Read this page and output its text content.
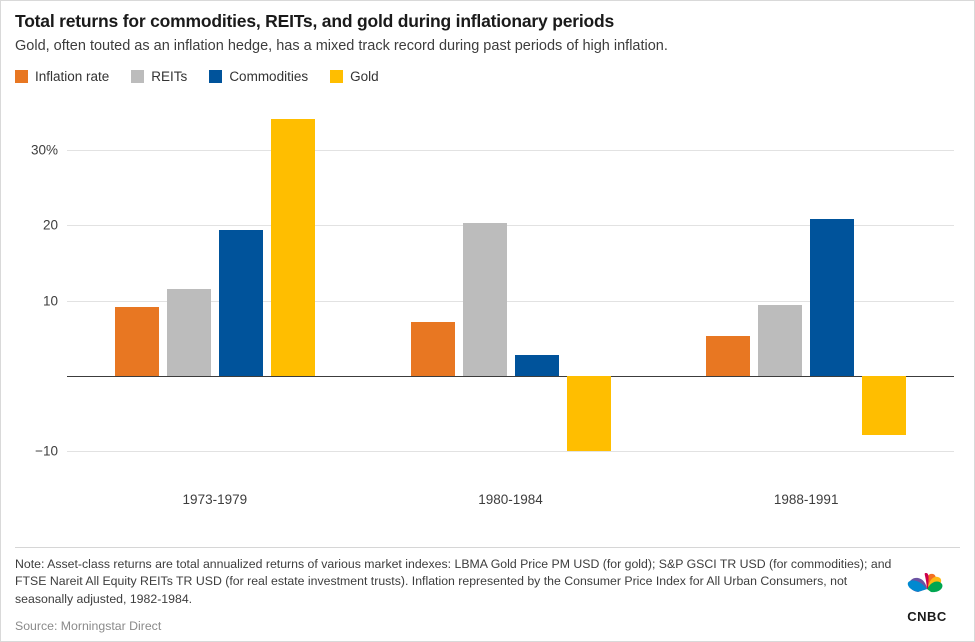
Total returns for commodities, REITs, and gold during inflationary periods

Gold, often touted as an inflation hedge, has a mixed track record during past periods of high inflation.

Inflation rate	REITs	Commodities	Gold
30%
20
10
−10
1973-1979	1980-1984	1988-1991
Note: Asset-class returns are total annualized returns of various market indexes: LBMA Gold Price PM USD (for gold); S&P GSCI TR USD (for commodities); and FTSE Nareit All Equity REITs TR USD (for real estate investment trusts). Inflation represented by the Consumer Price Index for All Urban Consumers, not seasonally adjusted, 1982-1984.
Source: Morningstar Direct
CNBC
